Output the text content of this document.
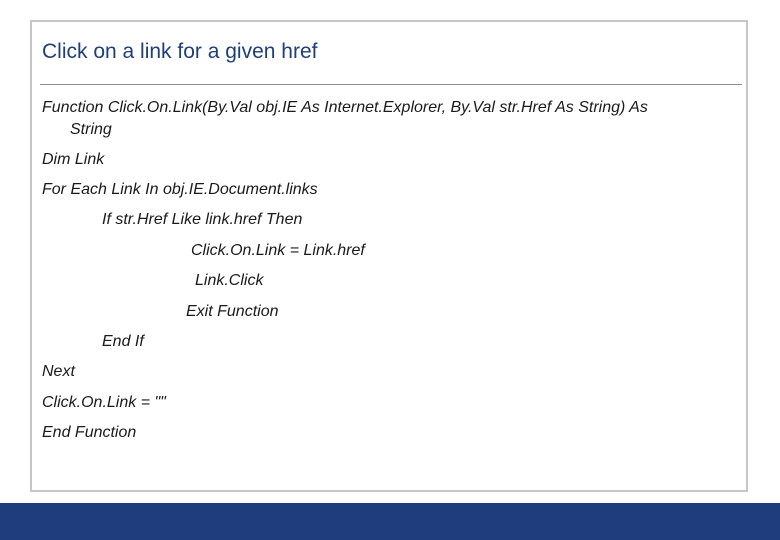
Click on a link for a given href
Function Click.On.Link(By.Val obj.IE As Internet.Explorer, By.Val str.Href As String) As
String
Dim Link
For Each Link In obj.IE.Document.links
If str.Href Like link.href Then
Click.On.Link = Link.href
Link.Click
Exit Function
End If
Next
Click.On.Link = ""
End Function
